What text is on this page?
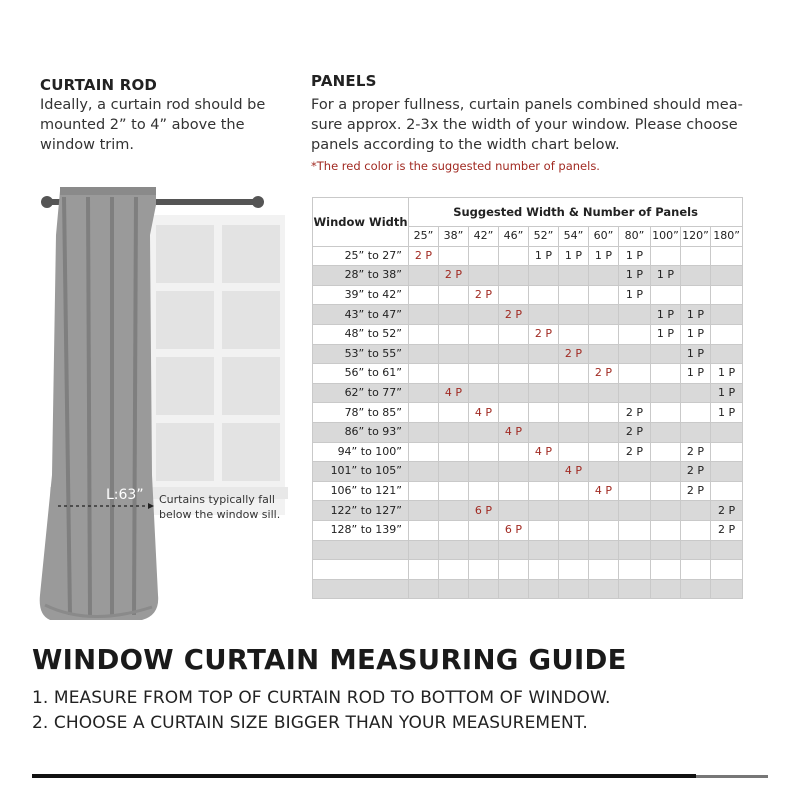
CURTAIN ROD
Ideally, a curtain rod should be
mounted 2” to 4” above the
window trim.
PANELS
For a proper fullness, curtain panels combined should mea-
sure approx. 2-3x the width of your window. Please choose
panels according to the width chart below.
*The red color is the suggested number of panels.
L:63” Curtains typically fall
below the window sill.
Window Width	Suggested Width & Number of Panels										
	25”	38”	42”	46”	52”	54”	60”	80”	100”	120”	180”
25” to 27”	2 P				1 P	1 P	1 P	1 P			
28” to 38”		2 P						1 P	1 P		
39” to 42”			2 P					1 P			
43” to 47”				2 P					1 P	1 P	
48” to 52”					2 P				1 P	1 P	
53” to 55”						2 P				1 P	
56” to 61”							2 P			1 P	1 P
62” to 77”		4 P									1 P
78” to 85”			4 P					2 P			1 P
86” to 93”				4 P				2 P			
94” to 100”					4 P			2 P		2 P	
101” to 105”						4 P				2 P	
106” to 121”							4 P			2 P	
122” to 127”			6 P								2 P
128” to 139”				6 P							2 P

WINDOW CURTAIN MEASURING GUIDE
1. MEASURE FROM TOP OF CURTAIN ROD TO BOTTOM OF WINDOW.
2. CHOOSE A CURTAIN SIZE BIGGER THAN YOUR MEASUREMENT.
